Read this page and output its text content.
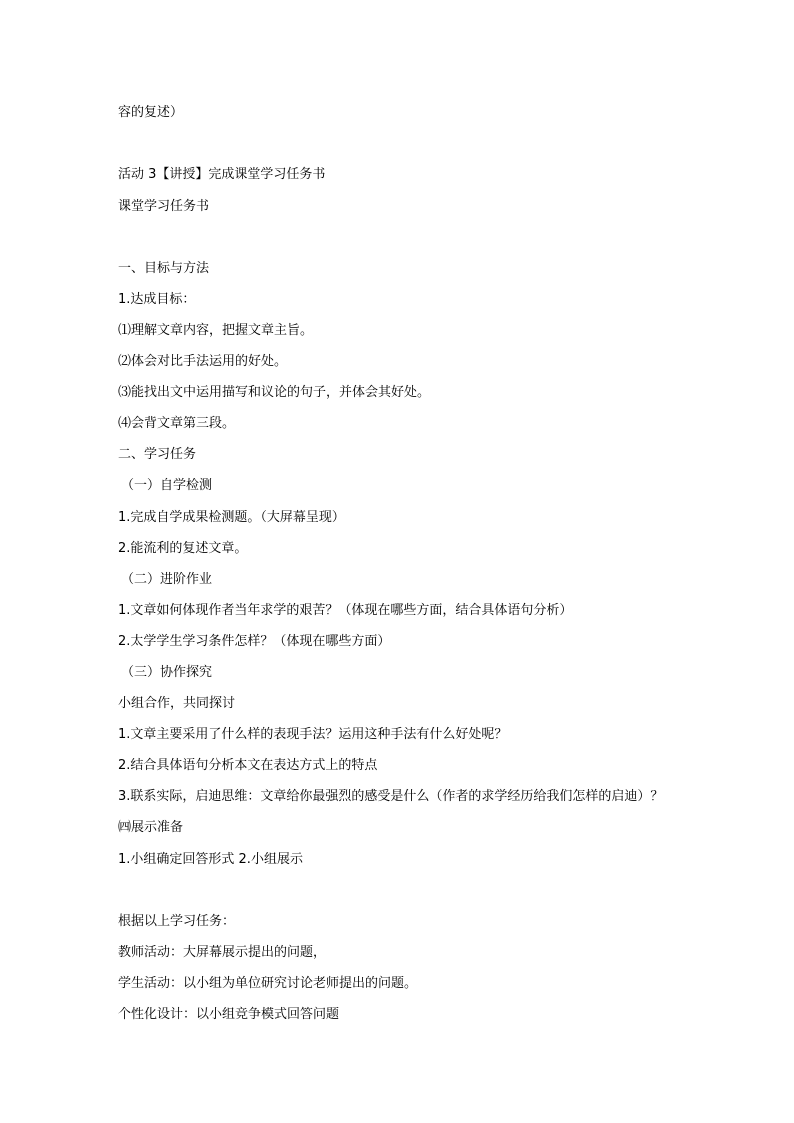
容的复述）
活动 3【讲授】完成课堂学习任务书
课堂学习任务书
一、目标与方法
1.达成目标：
⑴理解文章内容，把握文章主旨。
⑵体会对比手法运用的好处。
⑶能找出文中运用描写和议论的句子，并体会其好处。
⑷会背文章第三段。
二、学习任务
（一）自学检测
1.完成自学成果检测题。（大屏幕呈现）
2.能流利的复述文章。
（二）进阶作业
1.文章如何体现作者当年求学的艰苦？（体现在哪些方面，结合具体语句分析）
2.太学学生学习条件怎样？（体现在哪些方面）
（三）协作探究
小组合作，共同探讨
1.文章主要采用了什么样的表现手法？运用这种手法有什么好处呢？
2.结合具体语句分析本文在表达方式上的特点
3.联系实际，启迪思维：文章给你最强烈的感受是什么（作者的求学经历给我们怎样的启迪）？
㈣展示准备
1.小组确定回答形式 2.小组展示
根据以上学习任务：
教师活动：大屏幕展示提出的问题，
学生活动：以小组为单位研究讨论老师提出的问题。
个性化设计：以小组竞争模式回答问题
